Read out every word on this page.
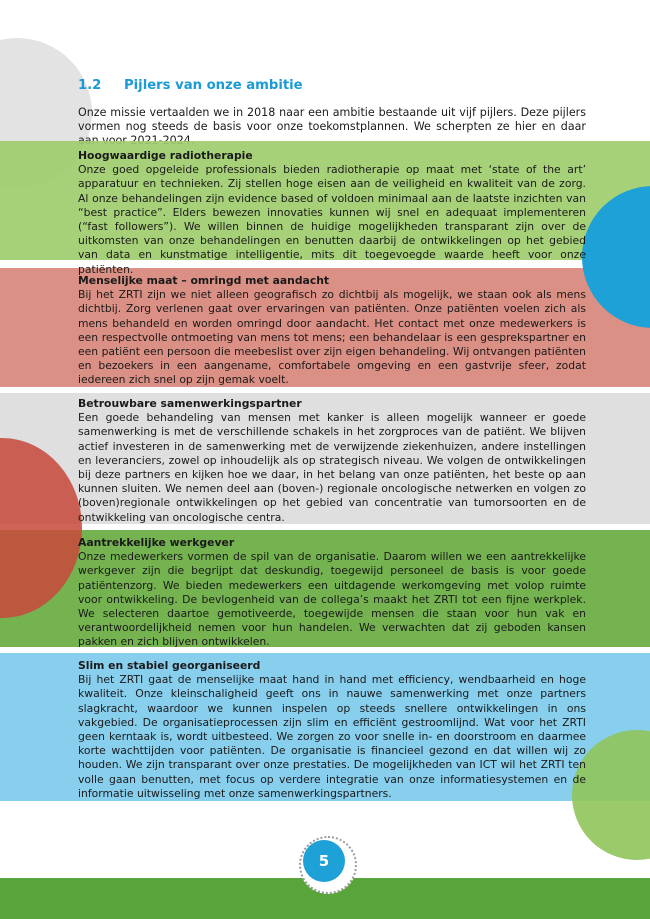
1.2 Pijlers van onze ambitie

Onze missie vertaalden we in 2018 naar een ambitie bestaande uit vijf pijlers. Deze pijlers vormen nog steeds de basis voor onze toekomstplannen. We scherpten ze hier en daar

Hoogwaardige radiotherapie

Onze goed opgeleide professionals bieden radiotherapie op maat met ‘state of the art’ apparatuur en technieken. Zij stellen hoge eisen aan de veiligheid en kwaliteit van de zorg. Al onze behandelingen zijn evidence based of voldoen minimaal aan de laatste inzichten van “best practice”. Elders bewezen innovaties kunnen wij snel en adequaat implementeren (“fast followers”). We willen binnen de huidige mogelijkheden transparant zijn over de uitkomsten van onze behandelingen en benutten daarbij de ontwikkelingen op het gebied van data en kunstmatige intelligentie, mits dit toegevoegde waarde heeft voor onze patiënten.

Menselijke maat – omringd met aandacht

Bij het ZRTI zijn we niet alleen geografisch zo dichtbij als mogelijk, we staan ook als mens dichtbij. Zorg verlenen gaat over ervaringen van patiënten. Onze patiënten voelen zich als mens behandeld en worden omringd door aandacht. Het contact met onze medewerkers is een respectvolle ontmoeting van mens tot mens; een behandelaar is een gesprekspartner en een patiënt een persoon die meebeslist over zijn eigen behandeling. Wij ontvangen patiënten en bezoekers in een aangename, comfortabele omgeving en een gastvrije sfeer, zodat iedereen zich snel op zijn gemak voelt.

Betrouwbare samenwerkingspartner

Een goede behandeling van mensen met kanker is alleen mogelijk wanneer er goede samenwerking is met de verschillende schakels in het zorgproces van de patiënt. We blijven actief investeren in de samenwerking met de verwijzende ziekenhuizen, andere instellingen en leveranciers, zowel op inhoudelijk als op strategisch niveau. We volgen de ontwikkelingen bij deze partners en kijken hoe we daar, in het belang van onze patiënten, het beste op aan kunnen sluiten. We nemen deel aan (boven-) regionale oncologische netwerken en volgen zo (boven)regionale ontwikkelingen op het gebied van concentratie van tumorsoorten en de ontwikkeling van oncologische centra.

Aantrekkelijke werkgever

Onze medewerkers vormen de spil van de organisatie. Daarom willen we een aantrekkelijke werkgever zijn die begrijpt dat deskundig, toegewijd personeel de basis is voor goede patiëntenzorg. We bieden medewerkers een uitdagende werkomgeving met volop ruimte voor ontwikkeling. De bevlogenheid van de collega’s maakt het ZRTI tot een fijne werkplek. We selecteren daartoe gemotiveerde, toegewijde mensen die staan voor hun vak en verantwoordelijkheid nemen voor hun handelen. We verwachten dat zij geboden kansen pakken en zich blijven ontwikkelen.

Slim en stabiel georganiseerd

Bij het ZRTI gaat de menselijke maat hand in hand met efficiency, wendbaarheid en hoge kwaliteit. Onze kleinschaligheid geeft ons in nauwe samenwerking met onze partners slagkracht, waardoor we kunnen inspelen op steeds snellere ontwikkelingen in ons vakgebied. De organisatieprocessen zijn slim en efficiënt gestroomlijnd. Wat voor het ZRTI geen kerntaak is, wordt uitbesteed. We zorgen zo voor snelle in- en doorstroom en daarmee korte wachttijden voor patiënten. De organisatie is financieel gezond en dat willen wij zo houden. We zijn transparant over onze prestaties. De mogelijkheden van ICT wil het ZRTI ten volle gaan benutten, met focus op verdere integratie van onze informatiesystemen en de informatie uitwisseling met onze samenwerkingspartners.

5
